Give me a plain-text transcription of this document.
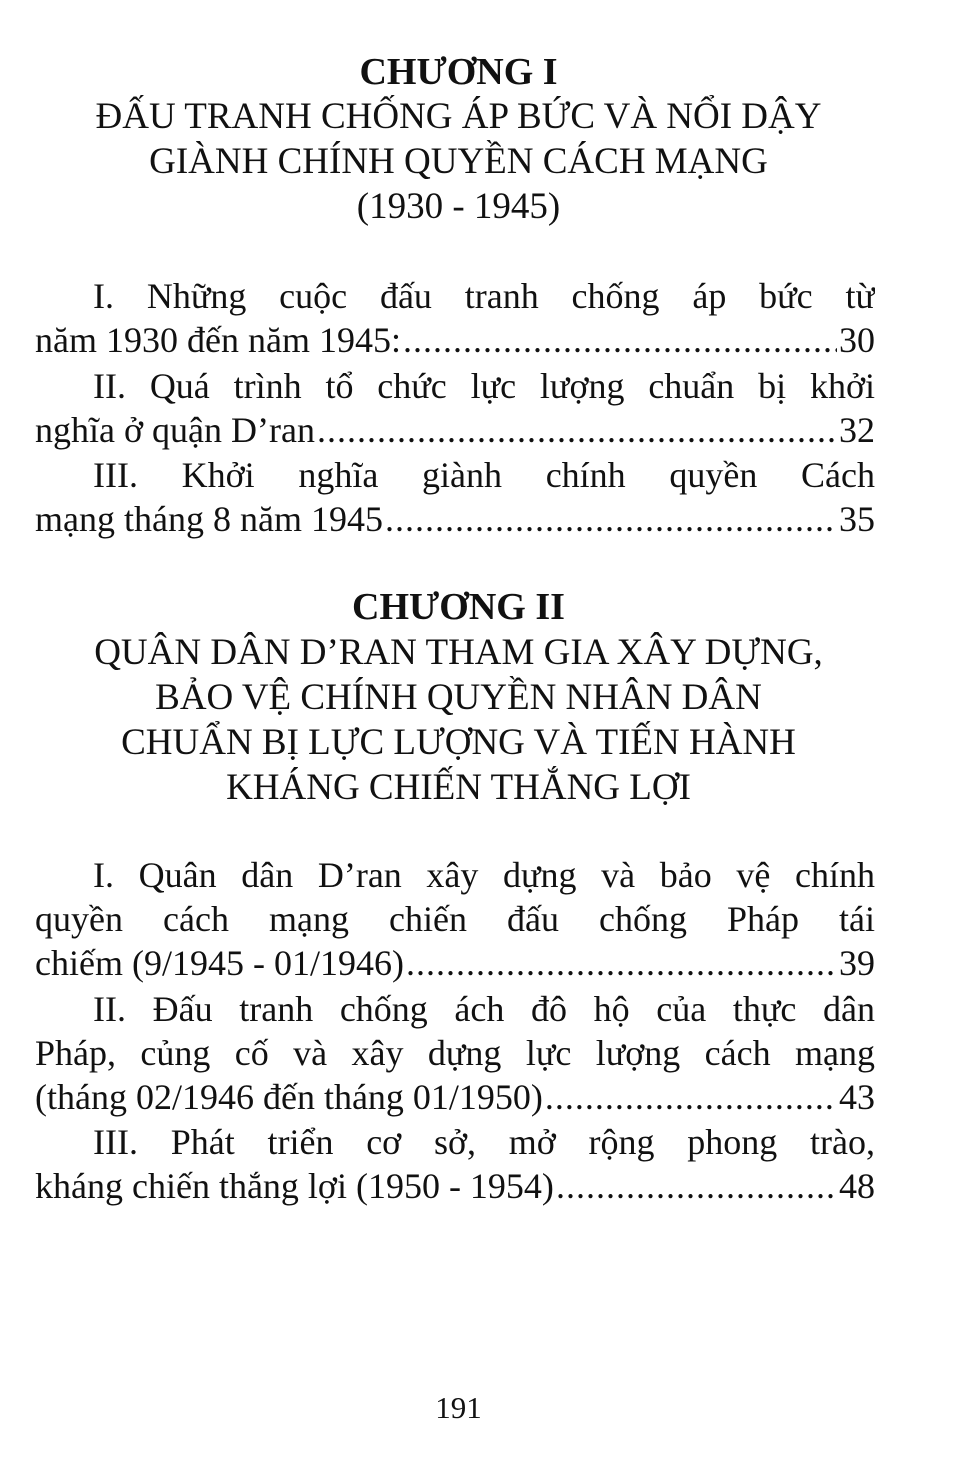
CHƯƠNG I
ĐẤU TRANH CHỐNG ÁP BỨC VÀ NỔI DẬY
GIÀNH CHÍNH QUYỀN CÁCH MẠNG
(1930 - 1945)
I. Những cuộc đấu tranh chống áp bức từ
năm 1930 đến năm 1945: .....	30
II. Quá trình tổ chức lực lượng chuẩn bị khởi
nghĩa ở quận D’ran .....	32
III. Khởi nghĩa giành chính quyền Cách
mạng tháng 8 năm 1945 .....	35
CHƯƠNG II
QUÂN DÂN D’RAN THAM GIA XÂY DỰNG,
BẢO VỆ CHÍNH QUYỀN NHÂN DÂN
CHUẨN BỊ LỰC LƯỢNG VÀ TIẾN HÀNH
KHÁNG CHIẾN THẮNG LỢI
I. Quân dân D’ran xây dựng và bảo vệ chính
quyền cách mạng chiến đấu chống Pháp tái
chiếm (9/1945 - 01/1946) .....	39
II. Đấu tranh chống ách đô hộ của thực dân
Pháp, củng cố và xây dựng lực lượng cách mạng
(tháng 02/1946 đến tháng 01/1950) .....	43
III. Phát triển cơ sở, mở rộng phong trào,
kháng chiến thắng lợi (1950 - 1954) .....	48
191
